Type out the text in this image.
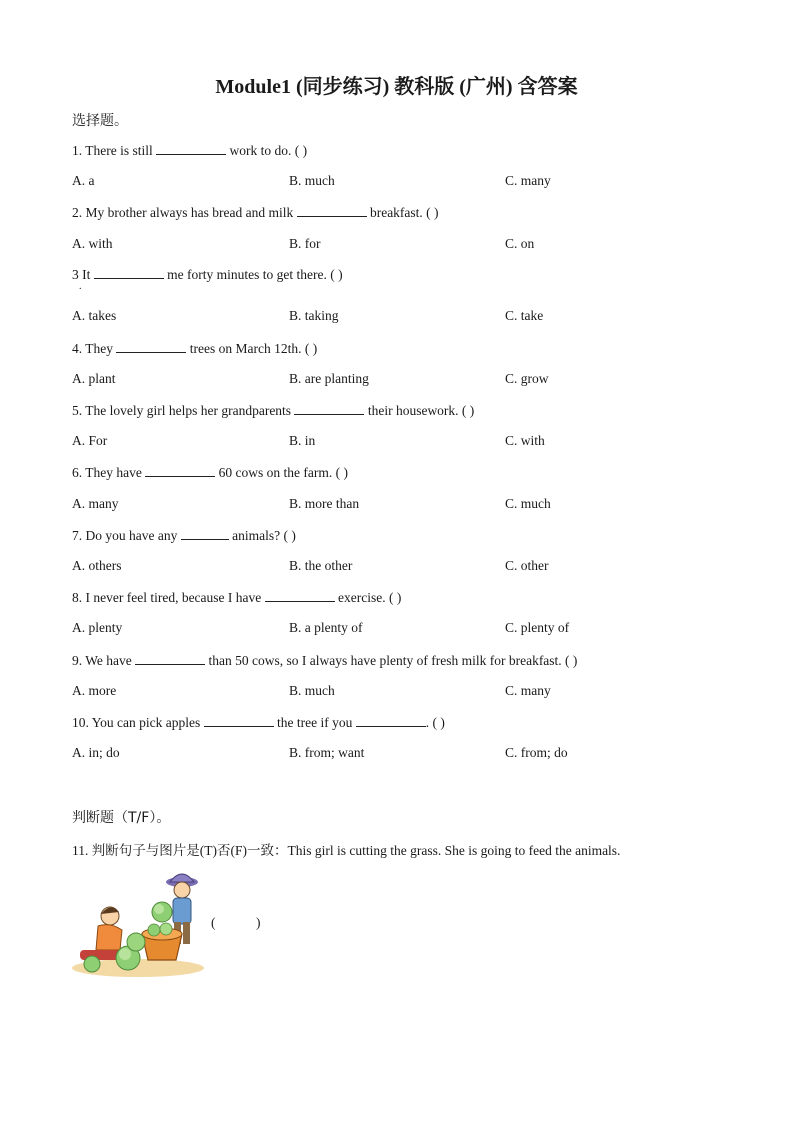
Module1 (同步练习) 教科版 (广州) 含答案
选择题。
1. There is still	work to do. ( )
A. a	B. much	C. many
2. My brother always has bread and milk	breakfast. ( )
A. with	B. for	C. on
3 It	me forty minutes to get there. ( )
.
A. takes	B. taking	C. take
4. They	trees on March 12th. ( )
A. plant	B. are planting	C. grow
5. The lovely girl helps her grandparents	their housework. ( )
A. For	B. in	C. with
6. They have	60 cows on the farm. ( )
A. many	B. more than	C. much
7. Do you have any	animals? ( )
A. others	B. the other	C. other
8. I never feel tired, because I have	exercise. ( )
A. plenty	B. a plenty of	C. plenty of
9. We have	than 50 cows, so I always have plenty of fresh milk for breakfast. ( )
A. more	B. much	C. many
10. You can pick apples	the tree if you	. ( )
A. in; do	B. from; want	C. from; do
判断题（T/F）。
11. 判断句子与图片是(T)否(F)一致：This girl is cutting the grass. She is going to feed the animals.
(            )
